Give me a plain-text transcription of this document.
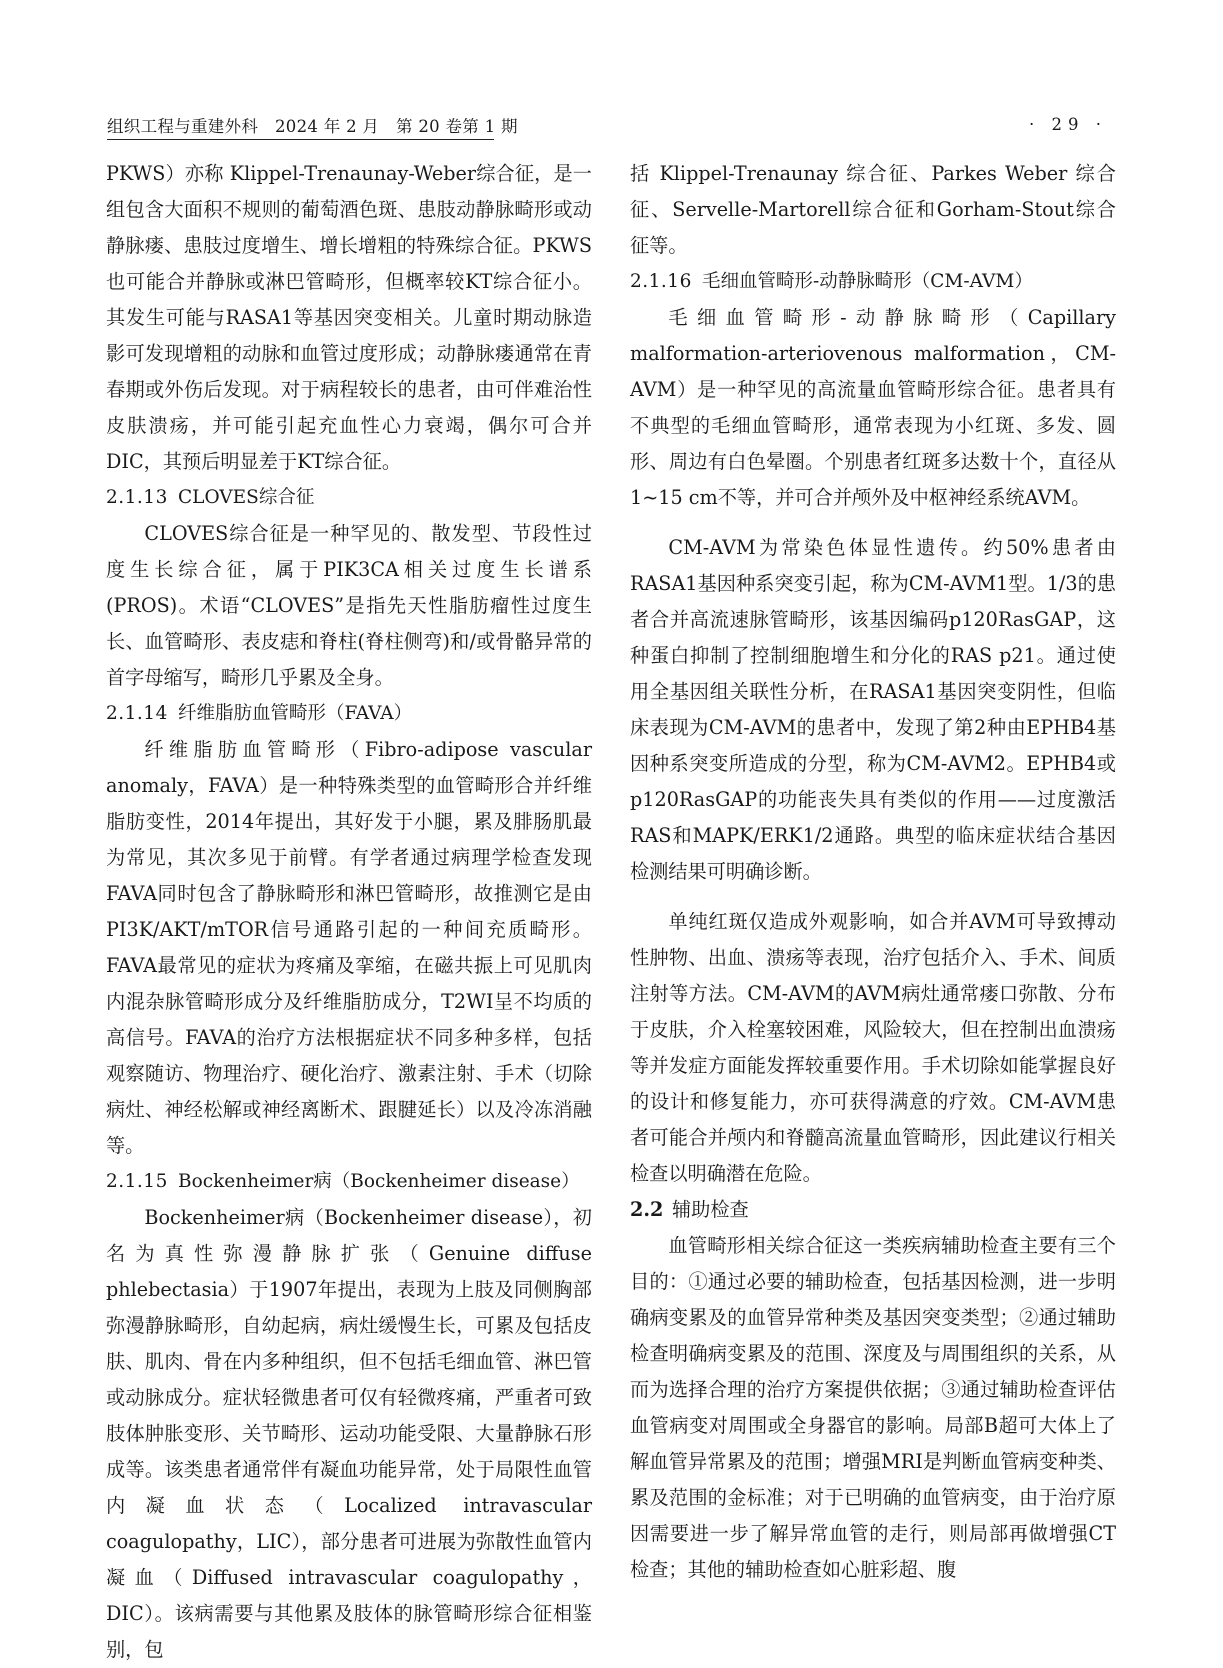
组织工程与重建外科　2024 年 2 月　第 20 卷第 1 期	· 29 ·

PKWS）亦称 Klippel-Trenaunay-Weber综合征，是一组包含大面积不规则的葡萄酒色斑、患肢动静脉畸形或动静脉瘘、患肢过度增生、增长增粗的特殊综合征。PKWS也可能合并静脉或淋巴管畸形，但概率较KT综合征小。其发生可能与RASA1等基因突变相关。儿童时期动脉造影可发现增粗的动脉和血管过度形成；动静脉瘘通常在青春期或外伤后发现。对于病程较长的患者，由可伴难治性皮肤溃疡，并可能引起充血性心力衰竭，偶尔可合并DIC，其预后明显差于KT综合征。

2.1.13 CLOVES综合征

CLOVES综合征是一种罕见的、散发型、节段性过度生长综合征，属于PIK3CA相关过度生长谱系(PROS)。术语“CLOVES”是指先天性脂肪瘤性过度生长、血管畸形、表皮痣和脊柱(脊柱侧弯)和/或骨骼异常的首字母缩写，畸形几乎累及全身。

2.1.14 纤维脂肪血管畸形（FAVA）

纤维脂肪血管畸形（Fibro-adipose vascular anomaly，FAVA）是一种特殊类型的血管畸形合并纤维脂肪变性，2014年提出，其好发于小腿，累及腓肠肌最为常见，其次多见于前臂。有学者通过病理学检查发现FAVA同时包含了静脉畸形和淋巴管畸形，故推测它是由PI3K/AKT/mTOR信号通路引起的一种间充质畸形。FAVA最常见的症状为疼痛及挛缩，在磁共振上可见肌肉内混杂脉管畸形成分及纤维脂肪成分，T2WI呈不均质的高信号。FAVA的治疗方法根据症状不同多种多样，包括观察随访、物理治疗、硬化治疗、激素注射、手术（切除病灶、神经松解或神经离断术、跟腱延长）以及冷冻消融等。

2.1.15 Bockenheimer病（Bockenheimer disease）

Bockenheimer病（Bockenheimer disease），初名为真性弥漫静脉扩张（Genuine diffuse phlebectasia）于1907年提出，表现为上肢及同侧胸部弥漫静脉畸形，自幼起病，病灶缓慢生长，可累及包括皮肤、肌肉、骨在内多种组织，但不包括毛细血管、淋巴管或动脉成分。症状轻微患者可仅有轻微疼痛，严重者可致肢体肿胀变形、关节畸形、运动功能受限、大量静脉石形成等。该类患者通常伴有凝血功能异常，处于局限性血管内凝血状态（Localized intravascular coagulopathy，LIC），部分患者可进展为弥散性血管内凝血（Diffused intravascular coagulopathy，DIC）。该病需要与其他累及肢体的脉管畸形综合征相鉴别，包

括 Klippel-Trenaunay 综合征、Parkes Weber 综合征、Servelle-Martorell综合征和Gorham-Stout综合征等。

2.1.16 毛细血管畸形-动静脉畸形（CM-AVM）

毛细血管畸形-动静脉畸形（Capillary malformation-arteriovenous malformation，CM-AVM）是一种罕见的高流量血管畸形综合征。患者具有不典型的毛细血管畸形，通常表现为小红斑、多发、圆形、周边有白色晕圈。个别患者红斑多达数十个，直径从1~15 cm不等，并可合并颅外及中枢神经系统AVM。

CM-AVM为常染色体显性遗传。约50%患者由RASA1基因种系突变引起，称为CM-AVM1型。1/3的患者合并高流速脉管畸形，该基因编码p120RasGAP，这种蛋白抑制了控制细胞增生和分化的RAS p21。通过使用全基因组关联性分析，在RASA1基因突变阴性，但临床表现为CM-AVM的患者中，发现了第2种由EPHB4基因种系突变所造成的分型，称为CM-AVM2。EPHB4或p120RasGAP的功能丧失具有类似的作用——过度激活RAS和MAPK/ERK1/2通路。典型的临床症状结合基因检测结果可明确诊断。

单纯红斑仅造成外观影响，如合并AVM可导致搏动性肿物、出血、溃疡等表现，治疗包括介入、手术、间质注射等方法。CM-AVM的AVM病灶通常瘘口弥散、分布于皮肤，介入栓塞较困难，风险较大，但在控制出血溃疡等并发症方面能发挥较重要作用。手术切除如能掌握良好的设计和修复能力，亦可获得满意的疗效。CM-AVM患者可能合并颅内和脊髓高流量血管畸形，因此建议行相关检查以明确潜在危险。

2.2 辅助检查

血管畸形相关综合征这一类疾病辅助检查主要有三个目的：①通过必要的辅助检查，包括基因检测，进一步明确病变累及的血管异常种类及基因突变类型；②通过辅助检查明确病变累及的范围、深度及与周围组织的关系，从而为选择合理的治疗方案提供依据；③通过辅助检查评估血管病变对周围或全身器官的影响。局部B超可大体上了解血管异常累及的范围；增强MRI是判断血管病变种类、累及范围的金标准；对于已明确的血管病变，由于治疗原因需要进一步了解异常血管的走行，则局部再做增强CT检查；其他的辅助检查如心脏彩超、腹
